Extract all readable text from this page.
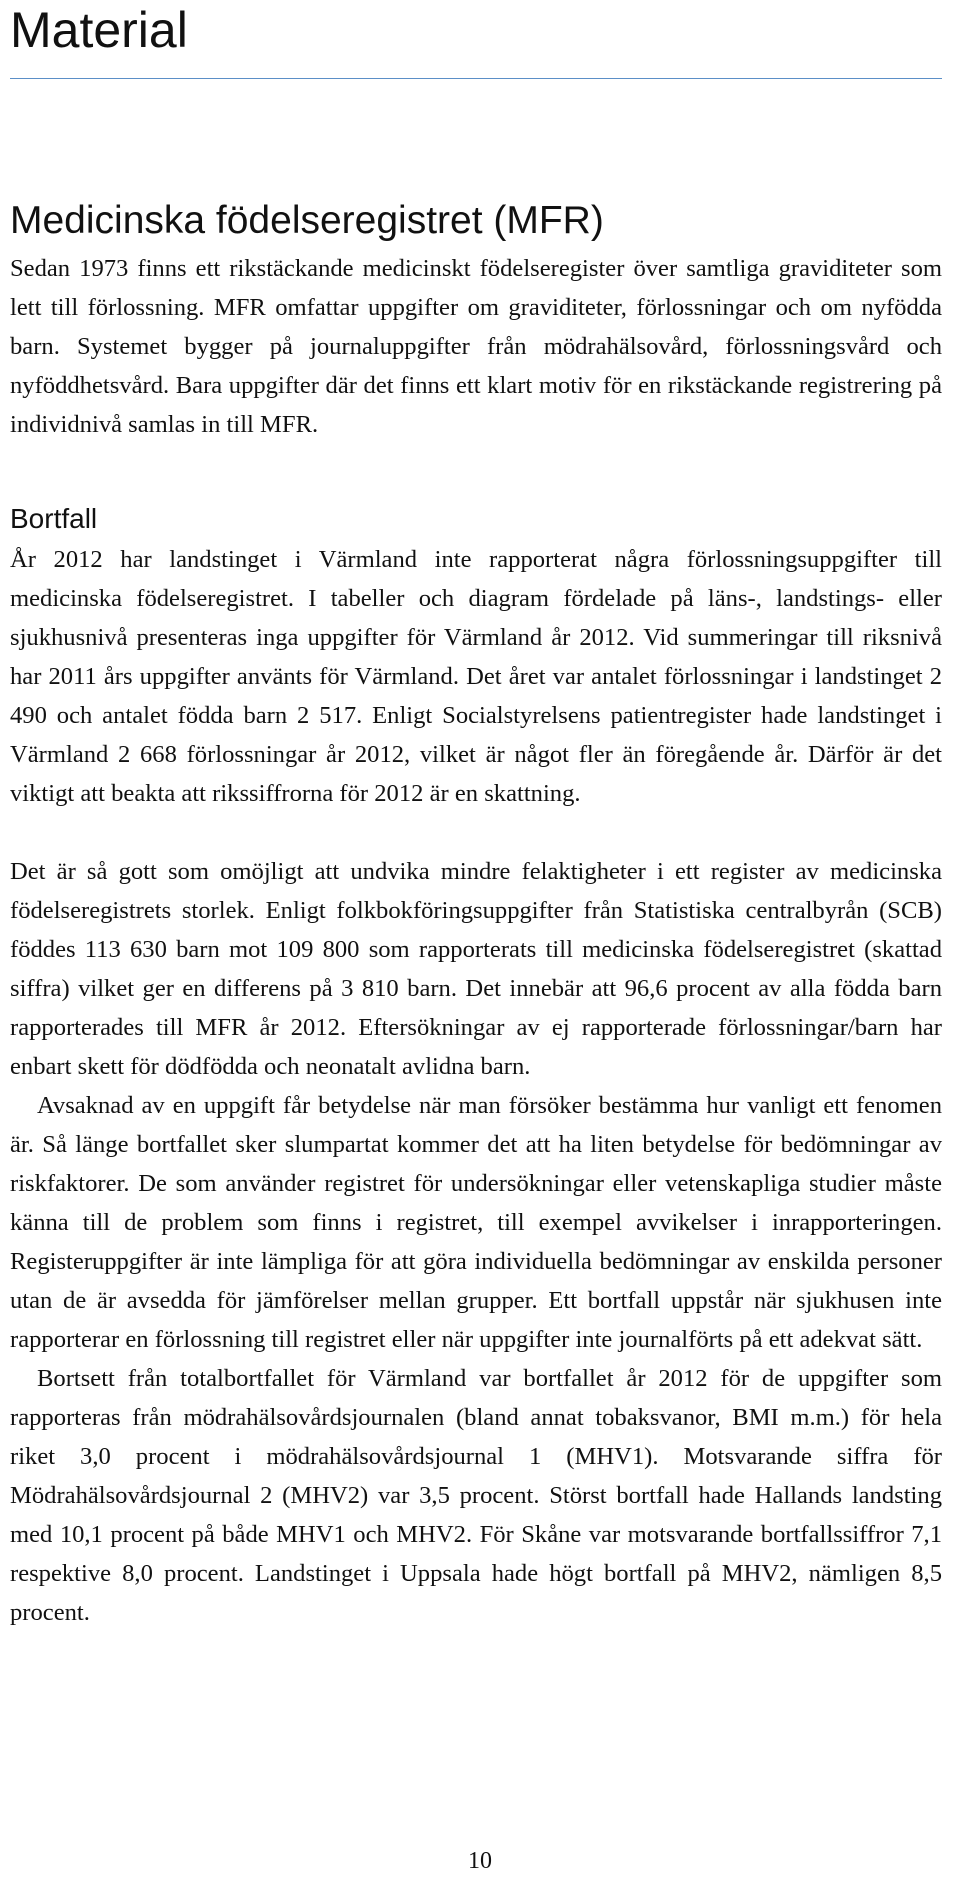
Material
Medicinska födelseregistret (MFR)

Sedan 1973 finns ett rikstäckande medicinskt födelseregister över samtliga graviditeter som lett till förlossning. MFR omfattar uppgifter om graviditeter, förlossningar och om nyfödda barn. Systemet bygger på journaluppgifter från mödrahälsovård, förlossningsvård och nyföddhetsvård. Bara uppgifter där det finns ett klart motiv för en rikstäckande registrering på individnivå samlas in till MFR.

Bortfall

År 2012 har landstinget i Värmland inte rapporterat några förlossningsuppgifter till medicinska födelseregistret. I tabeller och diagram fördelade på läns-, landstings- eller sjukhusnivå presenteras inga uppgifter för Värmland år 2012. Vid summeringar till riksnivå har 2011 års uppgifter använts för Värmland. Det året var antalet förlossningar i landstinget 2 490 och antalet födda barn 2 517. Enligt Socialstyrelsens patientregister hade landstinget i Värmland 2 668 förlossningar år 2012, vilket är något fler än föregående år. Därför är det viktigt att beakta att rikssiffrorna för 2012 är en skattning.

Det är så gott som omöjligt att undvika mindre felaktigheter i ett register av medicinska födelseregistrets storlek. Enligt folkbokföringsuppgifter från Statistiska centralbyrån (SCB) föddes 113 630 barn mot 109 800 som rapporterats till medicinska födelseregistret (skattad siffra) vilket ger en differens på 3 810 barn. Det innebär att 96,6 procent av alla födda barn rapporterades till MFR år 2012. Eftersökningar av ej rapporterade förlossningar/barn har enbart skett för dödfödda och neonatalt avlidna barn.

Avsaknad av en uppgift får betydelse när man försöker bestämma hur vanligt ett fenomen är. Så länge bortfallet sker slumpartat kommer det att ha liten betydelse för bedömningar av riskfaktorer. De som använder registret för undersökningar eller vetenskapliga studier måste känna till de problem som finns i registret, till exempel avvikelser i inrapporteringen. Registeruppgifter är inte lämpliga för att göra individuella bedömningar av enskilda personer utan de är avsedda för jämförelser mellan grupper. Ett bortfall uppstår när sjukhusen inte rapporterar en förlossning till registret eller när uppgifter inte journalförts på ett adekvat sätt.

Bortsett från totalbortfallet för Värmland var bortfallet år 2012 för de uppgifter som rapporteras från mödrahälsovårdsjournalen (bland annat tobaksvanor, BMI m.m.) för hela riket 3,0 procent i mödrahälsovårdsjournal 1 (MHV1). Motsvarande siffra för Mödrahälsovårdsjournal 2 (MHV2) var 3,5 procent. Störst bortfall hade Hallands landsting med 10,1 procent på både MHV1 och MHV2. För Skåne var motsvarande bortfallssiffror 7,1 respektive 8,0 procent. Landstinget i Uppsala hade högt bortfall på MHV2, nämligen 8,5 procent.

10
